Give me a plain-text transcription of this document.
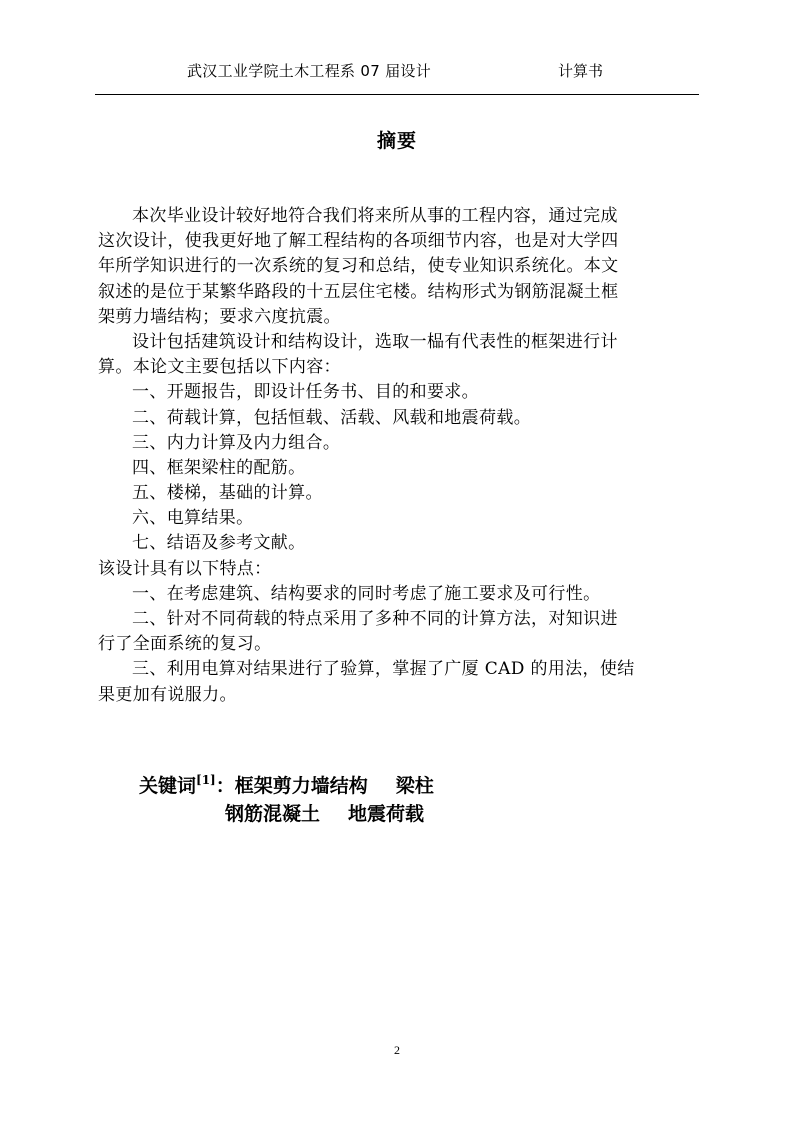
武汉工业学院土木工程系 07 届设计	计算书
摘要
本次毕业设计较好地符合我们将来所从事的工程内容，通过完成
这次设计，使我更好地了解工程结构的各项细节内容，也是对大学四
年所学知识进行的一次系统的复习和总结，使专业知识系统化。本文
叙述的是位于某繁华路段的十五层住宅楼。结构形式为钢筋混凝土框
架剪力墙结构；要求六度抗震。
设计包括建筑设计和结构设计，选取一榀有代表性的框架进行计
算。本论文主要包括以下内容：
一、开题报告，即设计任务书、目的和要求。
二、荷载计算，包括恒载、活载、风载和地震荷载。
三、内力计算及内力组合。
四、框架梁柱的配筋。
五、楼梯，基础的计算。
六、电算结果。
七、结语及参考文献。
该设计具有以下特点：
一、在考虑建筑、结构要求的同时考虑了施工要求及可行性。
二、针对不同荷载的特点采用了多种不同的计算方法，对知识进
行了全面系统的复习。
三、利用电算对结果进行了验算，掌握了广厦 CAD 的用法，使结
果更加有说服力。
关键词[1]：框架剪力墙结构 梁柱
钢筋混凝土 地震荷载
2
